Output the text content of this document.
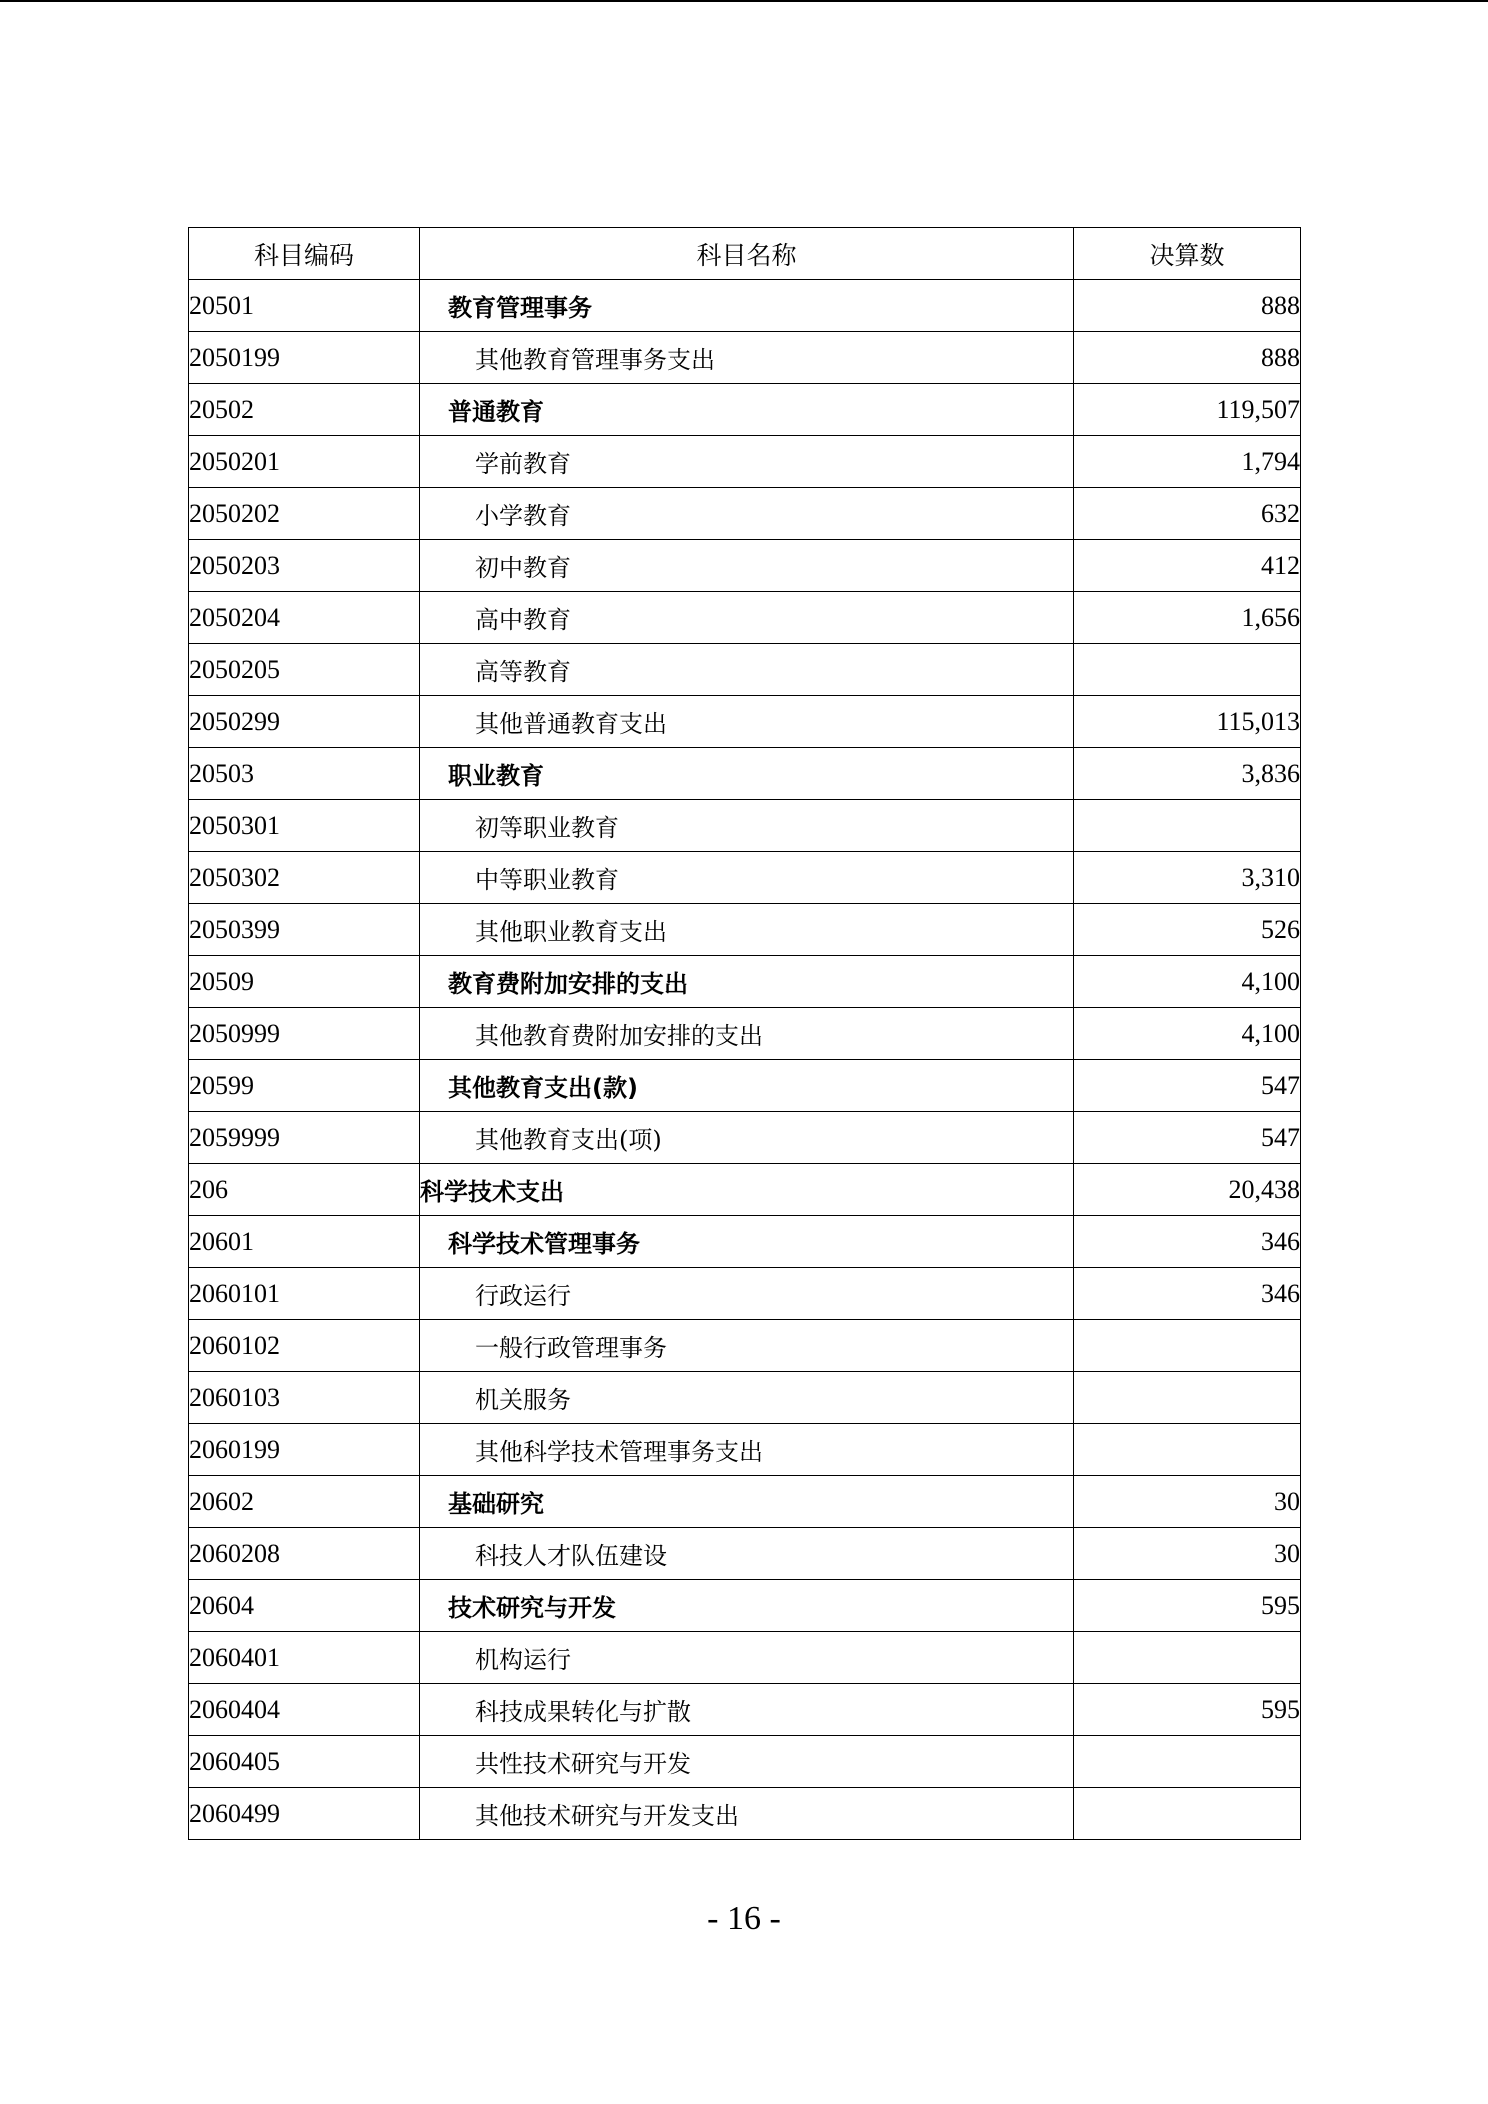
科目编码	科目名称	决算数
20501	教育管理事务	888
2050199	其他教育管理事务支出	888
20502	普通教育	119,507
2050201	学前教育	1,794
2050202	小学教育	632
2050203	初中教育	412
2050204	高中教育	1,656
2050205	高等教育	
2050299	其他普通教育支出	115,013
20503	职业教育	3,836
2050301	初等职业教育	
2050302	中等职业教育	3,310
2050399	其他职业教育支出	526
20509	教育费附加安排的支出	4,100
2050999	其他教育费附加安排的支出	4,100
20599	其他教育支出(款)	547
2059999	其他教育支出(项)	547
206	科学技术支出	20,438
20601	科学技术管理事务	346
2060101	行政运行	346
2060102	一般行政管理事务	
2060103	机关服务	
2060199	其他科学技术管理事务支出	
20602	基础研究	30
2060208	科技人才队伍建设	30
20604	技术研究与开发	595
2060401	机构运行	
2060404	科技成果转化与扩散	595
2060405	共性技术研究与开发	
2060499	其他技术研究与开发支出	
- 16 -
